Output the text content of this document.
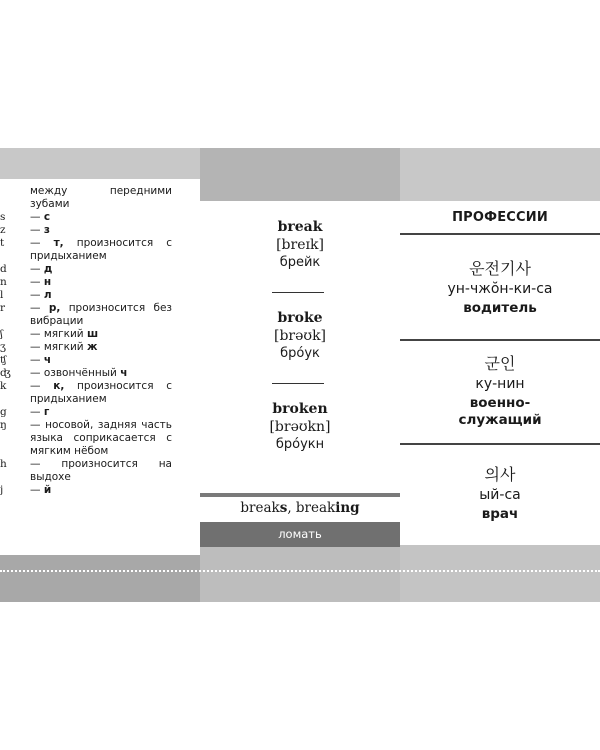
между передними зубами
s	— с
z	— з
t	— т, произносится с придыханием
d	— д
n	— н
l	— л
r	— р, произносится без вибрации
ʃ	— мягкий ш
ʒ	— мягкий ж
ʧ	— ч
ʤ	— озвончённый ч
k	— к, произносится с придыханием
g	— г
ŋ	— носовой, задняя часть языка соприкасается с мягким нёбом
h	— произносится на выдохе
j	— й
break
[breɪk]
брейк
broke
[brəʊk]
бро́ук
broken
[brəʊkn]
бро́укн
breaks, breaking
ломать
ПРОФЕССИИ
운전기사
ун-чжŏн-ки-са
водитель
군인
ку-нин
военно-
служащий
의사
ый-са
врач
